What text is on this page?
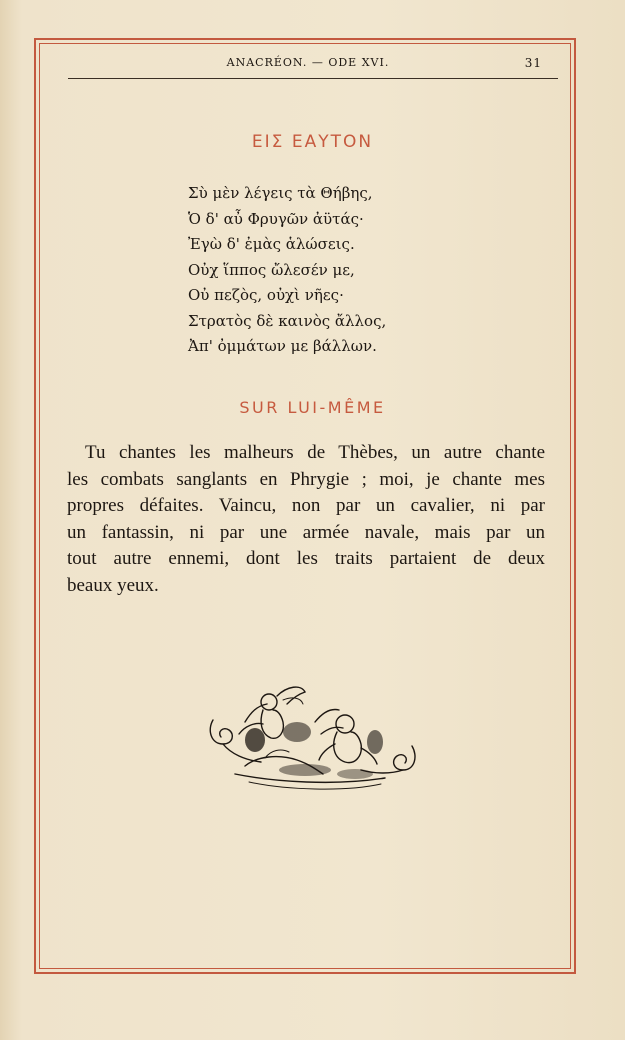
ANACRÉON. — ODE XVI.	31
ΕΙΣ ΕΑΥΤΟΝ
Σὺ μὲν λέγεις τὰ Θήβης,
Ὁ δ' αὖ Φρυγῶν ἀϋτάς·
Ἐγὼ δ' ἐμὰς ἁλώσεις.
Οὐχ ἵππος ὤλεσέν με,
Οὐ πεζὸς, οὐχὶ νῆες·
Στρατὸς δὲ καινὸς ἄλλος,
Ἀπ' ὀμμάτων με βάλλων.
SUR LUI-MÊME
Tu chantes les malheurs de Thèbes, un autre chante
les combats sanglants en Phrygie ; moi, je chante mes
propres défaites. Vaincu, non par un cavalier, ni par
un fantassin, ni par une armée navale, mais par un
tout autre ennemi, dont les traits partaient de deux
beaux yeux.
